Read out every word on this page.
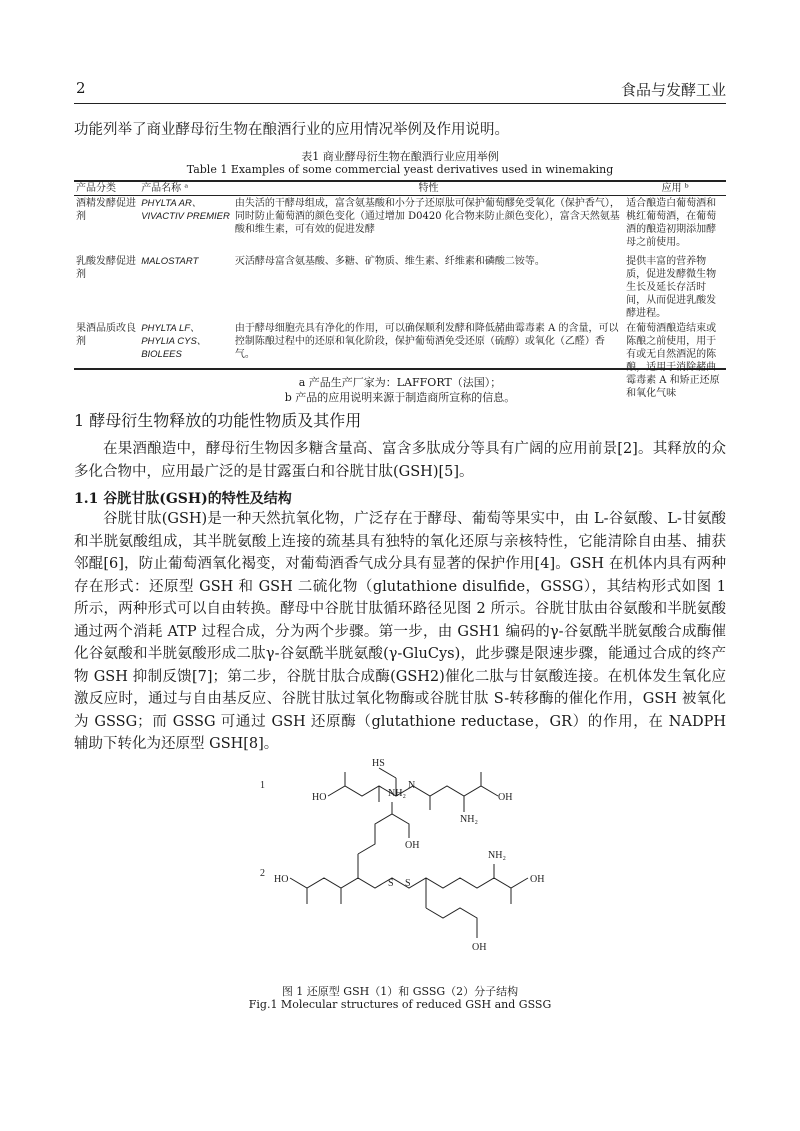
2	食品与发酵工业
功能列举了商业酵母衍生物在酿酒行业的应用情况举例及作用说明。
表1 商业酵母衍生物在酿酒行业应用举例
Table 1 Examples of some commercial yeast derivatives used in winemaking
产品分类	产品名称 ᵃ	特性	应用 ᵇ
酒精发酵促进剂	PHYLTA AR、VIVACTIV PREMIER	由失活的干酵母组成，富含氨基酸和小分子还原肽可保护葡萄醪免受氧化（保护香气），同时防止葡萄酒的颜色变化（通过增加 D0420 化合物来防止颜色变化），富含天然氨基酸和维生素，可有效的促进发酵	适合酿造白葡萄酒和桃红葡萄酒，在葡萄酒的酿造初期添加酵母之前使用。
乳酸发酵促进剂	MALOSTART	灭活酵母富含氨基酸、多糖、矿物质、维生素、纤维素和磷酸二铵等。	提供丰富的营养物质，促进发酵微生物生长及延长存活时间，从而促进乳酸发酵进程。
果酒品质改良剂	PHYLTA LF、PHYLIA CYS、BIOLEES	由于酵母细胞壳具有净化的作用，可以确保顺利发酵和降低赭曲霉毒素 A 的含量，可以控制陈酿过程中的还原和氧化阶段，保护葡萄酒免受还原（硫醇）或氧化（乙醛）香气。	在葡萄酒酿造结束或陈酿之前使用，用于有或无自然酒泥的陈酿，适用于消除赭曲霉毒素 A 和矫正还原和氧化气味
a 产品生产厂家为：LAFFORT（法国）；
b 产品的应用说明来源于制造商所宣称的信息。
1 酵母衍生物释放的功能性物质及其作用

在果酒酿造中，酵母衍生物因多糖含量高、富含多肽成分等具有广阔的应用前景[2]。其释放的众多化合物中，应用最广泛的是甘露蛋白和谷胱甘肽(GSH)[5]。

1.1 谷胱甘肽(GSH)的特性及结构

谷胱甘肽(GSH)是一种天然抗氧化物，广泛存在于酵母、葡萄等果实中，由 L-谷氨酸、L-甘氨酸和半胱氨酸组成，其半胱氨酸上连接的巯基具有独特的氧化还原与亲核特性，它能清除自由基、捕获邻醌[6]，防止葡萄酒氧化褐变，对葡萄酒香气成分具有显著的保护作用[4]。GSH 在机体内具有两种存在形式：还原型 GSH 和 GSH 二硫化物（glutathione disulfide，GSSG），其结构形式如图 1 所示，两种形式可以自由转换。酵母中谷胱甘肽循环路径见图 2 所示。谷胱甘肽由谷氨酸和半胱氨酸通过两个消耗 ATP 过程合成，分为两个步骤。第一步，由 GSH1 编码的γ-谷氨酰半胱氨酸合成酶催化谷氨酸和半胱氨酸形成二肽γ-谷氨酰半胱氨酸(γ-GluCys)，此步骤是限速步骤，能通过合成的终产物 GSH 抑制反馈[7]；第二步，谷胱甘肽合成酶(GSH2)催化二肽与甘氨酸连接。在机体发生氧化应激反应时，通过与自由基反应、谷胱甘肽过氧化物酶或谷胱甘肽 S-转移酶的催化作用，GSH 被氧化为 GSSG；而 GSSG 可通过 GSH 还原酶（glutathione reductase，GR）的作用，在 NADPH 辅助下转化为还原型 GSH[8]。

1
HO
HS
N
NH₂
OH
2
HO
NH₂
OH
S S
NH₂
OH
OH
图 1 还原型 GSH（1）和 GSSG（2）分子结构
Fig.1 Molecular structures of reduced GSH and GSSG
